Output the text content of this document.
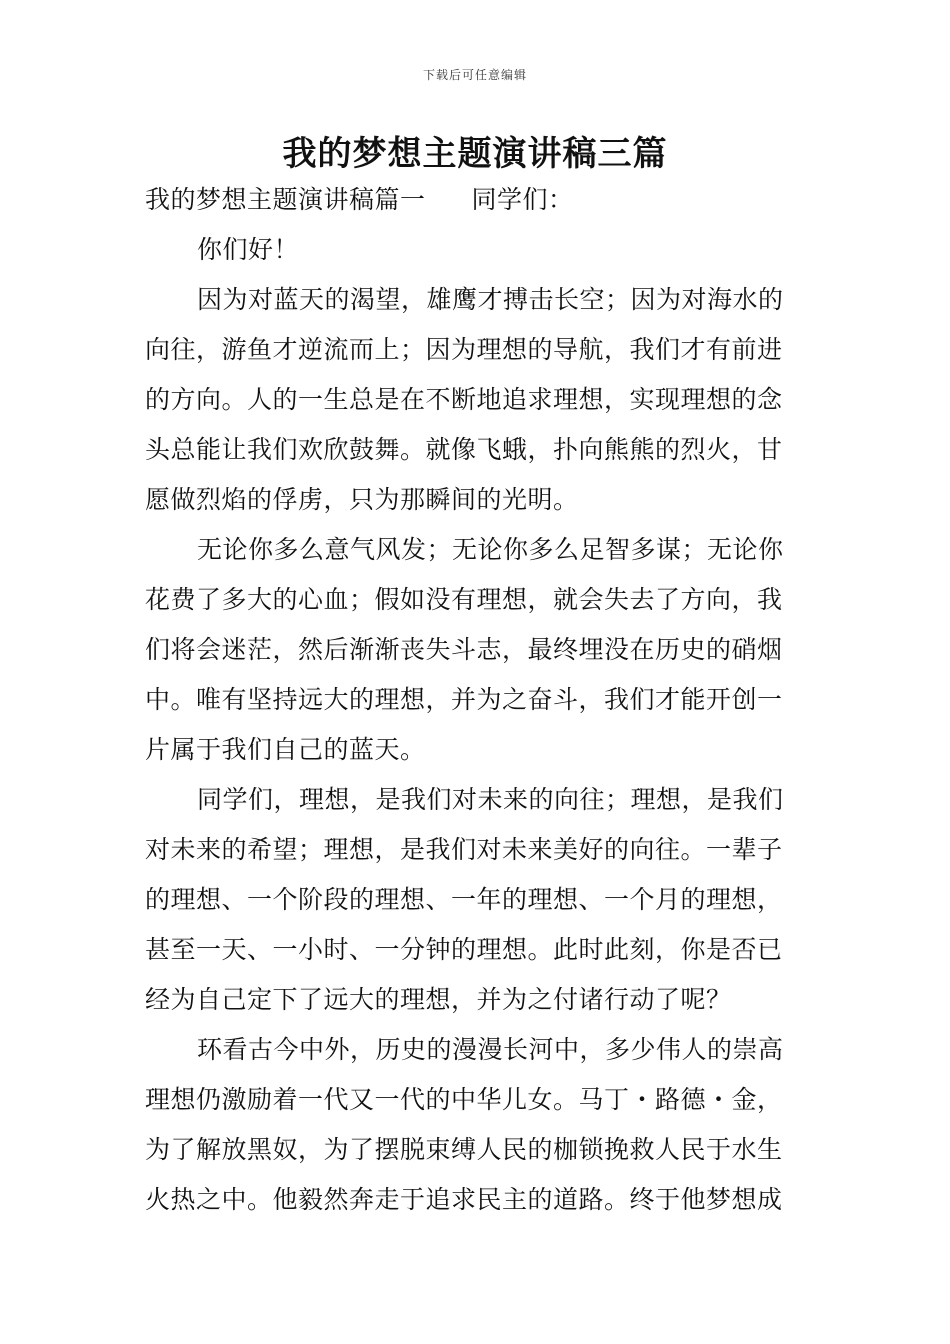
下载后可任意编辑
我的梦想主题演讲稿三篇
我的梦想主题演讲稿篇一 同学们：
你们好！
因为对蓝天的渴望，雄鹰才搏击长空；因为对海水的
向往，游鱼才逆流而上；因为理想的导航，我们才有前进
的方向。人的一生总是在不断地追求理想，实现理想的念
头总能让我们欢欣鼓舞。就像飞蛾，扑向熊熊的烈火，甘
愿做烈焰的俘虏，只为那瞬间的光明。
无论你多么意气风发；无论你多么足智多谋；无论你
花费了多大的心血；假如没有理想，就会失去了方向，我
们将会迷茫，然后渐渐丧失斗志，最终埋没在历史的硝烟
中。唯有坚持远大的理想，并为之奋斗，我们才能开创一
片属于我们自己的蓝天。
同学们，理想，是我们对未来的向往；理想，是我们
对未来的希望；理想，是我们对未来美好的向往。一辈子
的理想、一个阶段的理想、一年的理想、一个月的理想，
甚至一天、一小时、一分钟的理想。此时此刻，你是否已
经为自己定下了远大的理想，并为之付诸行动了呢？
环看古今中外，历史的漫漫长河中，多少伟人的崇高
理想仍激励着一代又一代的中华儿女。马丁・路德・金，
为了解放黑奴，为了摆脱束缚人民的枷锁挽救人民于水生
火热之中。他毅然奔走于追求民主的道路。终于他梦想成
